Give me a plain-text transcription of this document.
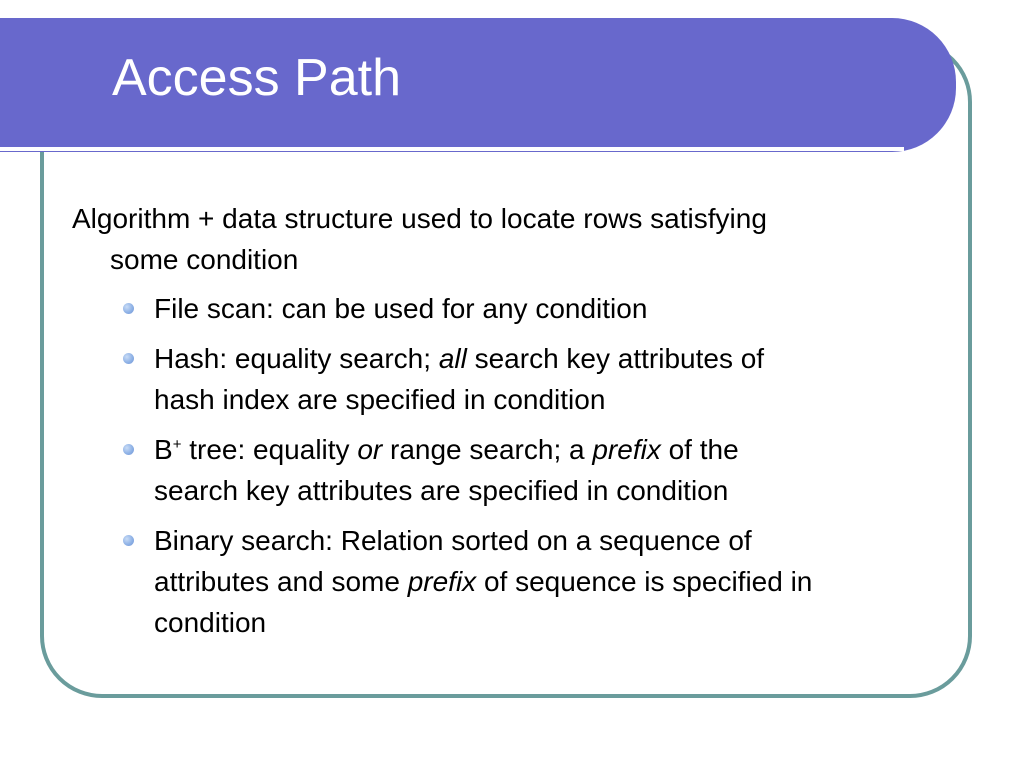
Access Path

Algorithm + data structure used to locate rows satisfying
some condition

File scan: can be used for any condition
Hash: equality search; all search key attributes of
hash index are specified in condition
B+ tree: equality or range search; a prefix of the
search key attributes are specified in condition
Binary search: Relation sorted on a sequence of
attributes and some prefix of sequence is specified in
condition
